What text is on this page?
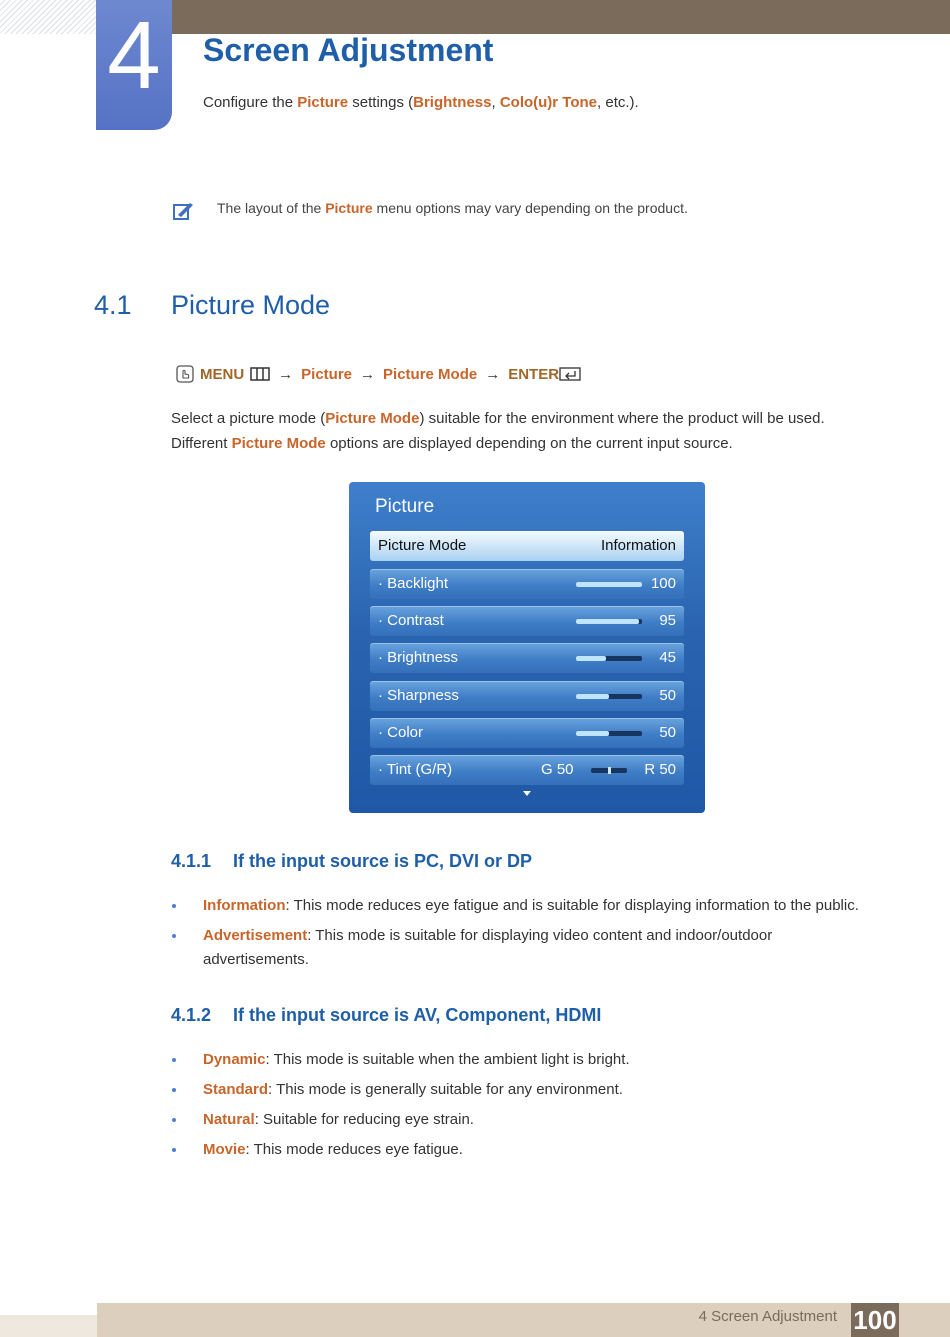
4	Screen Adjustment

Configure the Picture settings (Brightness, Colo(u)r Tone, etc.).

The layout of the Picture menu options may vary depending on the product.

4.1 Picture Mode
MENU → Picture → Picture Mode → ENTER

Select a picture mode (Picture Mode) suitable for the environment where the product will be used.

Different Picture Mode options are displayed depending on the current input source.

Picture
Picture Mode	Information
· Backlight	100
· Contrast	95
· Brightness	45
· Sharpness	50
· Color	50
· Tint (G/R)	G 50	R 50
4.1.1 If the input source is PC, DVI or DP
Information: This mode reduces eye fatigue and is suitable for displaying information to the public.
Advertisement: This mode is suitable for displaying video content and indoor/outdoor advertisements.
4.1.2 If the input source is AV, Component, HDMI
Dynamic: This mode is suitable when the ambient light is bright.
Standard: This mode is generally suitable for any environment.
Natural: Suitable for reducing eye strain.
Movie: This mode reduces eye fatigue.
4 Screen Adjustment 100
